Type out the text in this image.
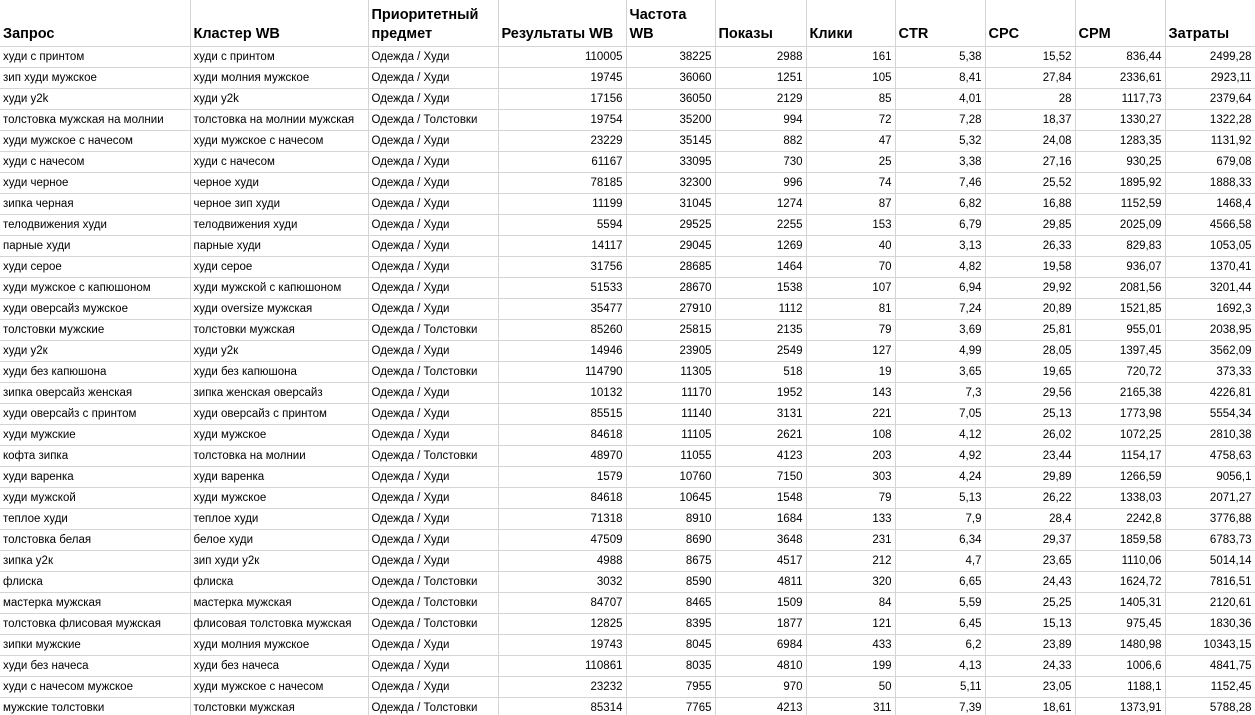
Запрос	Кластер WB	Приоритетный предмет	Результаты WB	Частота WB	Показы	Клики	CTR	CPC	CPM	Затраты
худи с принтом	худи с принтом	Одежда / Худи	110005	38225	2988	161	5,38	15,52	836,44	2499,28
зип худи мужское	худи молния мужское	Одежда / Худи	19745	36060	1251	105	8,41	27,84	2336,61	2923,11
худи y2k	худи y2k	Одежда / Худи	17156	36050	2129	85	4,01	28	1117,73	2379,64
толстовка мужская на молнии	толстовка на молнии мужская	Одежда / Толстовки	19754	35200	994	72	7,28	18,37	1330,27	1322,28
худи мужское с начесом	худи мужское с начесом	Одежда / Худи	23229	35145	882	47	5,32	24,08	1283,35	1131,92
худи с начесом	худи с начесом	Одежда / Худи	61167	33095	730	25	3,38	27,16	930,25	679,08
худи черное	черное худи	Одежда / Худи	78185	32300	996	74	7,46	25,52	1895,92	1888,33
зипка черная	черное зип худи	Одежда / Худи	11199	31045	1274	87	6,82	16,88	1152,59	1468,4
телодвижения худи	телодвижения худи	Одежда / Худи	5594	29525	2255	153	6,79	29,85	2025,09	4566,58
парные худи	парные худи	Одежда / Худи	14117	29045	1269	40	3,13	26,33	829,83	1053,05
худи серое	худи серое	Одежда / Худи	31756	28685	1464	70	4,82	19,58	936,07	1370,41
худи мужское с капюшоном	худи мужской с капюшоном	Одежда / Худи	51533	28670	1538	107	6,94	29,92	2081,56	3201,44
худи оверсайз мужское	худи oversize мужская	Одежда / Худи	35477	27910	1112	81	7,24	20,89	1521,85	1692,3
толстовки мужские	толстовки мужская	Одежда / Толстовки	85260	25815	2135	79	3,69	25,81	955,01	2038,95
худи у2к	худи у2к	Одежда / Худи	14946	23905	2549	127	4,99	28,05	1397,45	3562,09
худи без капюшона	худи без капюшона	Одежда / Толстовки	114790	11305	518	19	3,65	19,65	720,72	373,33
зипка оверсайз женская	зипка женская оверсайз	Одежда / Худи	10132	11170	1952	143	7,3	29,56	2165,38	4226,81
худи оверсайз с принтом	худи оверсайз с принтом	Одежда / Худи	85515	11140	3131	221	7,05	25,13	1773,98	5554,34
худи мужские	худи мужское	Одежда / Худи	84618	11105	2621	108	4,12	26,02	1072,25	2810,38
кофта зипка	толстовка на молнии	Одежда / Толстовки	48970	11055	4123	203	4,92	23,44	1154,17	4758,63
худи варенка	худи варенка	Одежда / Худи	1579	10760	7150	303	4,24	29,89	1266,59	9056,1
худи мужской	худи мужское	Одежда / Худи	84618	10645	1548	79	5,13	26,22	1338,03	2071,27
теплое худи	теплое худи	Одежда / Худи	71318	8910	1684	133	7,9	28,4	2242,8	3776,88
толстовка белая	белое худи	Одежда / Худи	47509	8690	3648	231	6,34	29,37	1859,58	6783,73
зипка у2к	зип худи у2к	Одежда / Худи	4988	8675	4517	212	4,7	23,65	1110,06	5014,14
флиска	флиска	Одежда / Толстовки	3032	8590	4811	320	6,65	24,43	1624,72	7816,51
мастерка мужская	мастерка мужская	Одежда / Толстовки	84707	8465	1509	84	5,59	25,25	1405,31	2120,61
толстовка флисовая мужская	флисовая толстовка мужская	Одежда / Толстовки	12825	8395	1877	121	6,45	15,13	975,45	1830,36
зипки мужские	худи молния мужское	Одежда / Худи	19743	8045	6984	433	6,2	23,89	1480,98	10343,15
худи без начеса	худи без начеса	Одежда / Худи	110861	8035	4810	199	4,13	24,33	1006,6	4841,75
худи с начесом мужское	худи мужское с начесом	Одежда / Худи	23232	7955	970	50	5,11	23,05	1188,1	1152,45
мужские толстовки	толстовки мужская	Одежда / Толстовки	85314	7765	4213	311	7,39	18,61	1373,91	5788,28
